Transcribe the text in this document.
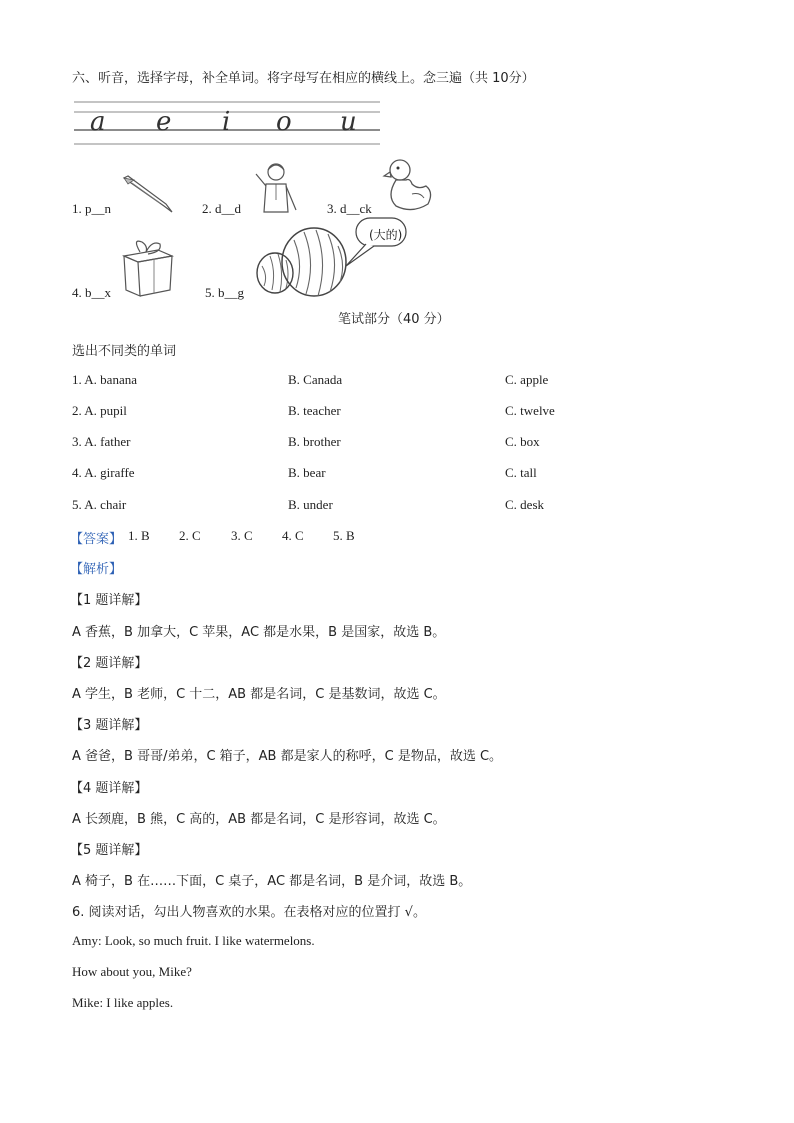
六、听音，选择字母，补全单词。将字母写在相应的横线上。念三遍（共 10分）
a e i o u
1. p__n	2. d__d	3. d__ck
4. b__x	5. b__g
(大的)
笔试部分（40 分）
选出不同类的单词
1. A. banana	B. Canada	C. apple
2. A. pupil	B. teacher	C. twelve
3. A. father	B. brother	C. box
4. A. giraffe	B. bear	C. tall
5. A. chair	B. under	C. desk
【答案】 1. B 2. C 3. C 4. C 5. B
【解析】
【1 题详解】
A 香蕉，B 加拿大，C 苹果，AC 都是水果，B 是国家，故选 B。
【2 题详解】
A 学生，B 老师，C 十二，AB 都是名词，C 是基数词，故选 C。
【3 题详解】
A 爸爸，B 哥哥/弟弟，C 箱子，AB 都是家人的称呼，C 是物品，故选 C。
【4 题详解】
A 长颈鹿，B 熊，C 高的，AB 都是名词，C 是形容词，故选 C。
【5 题详解】
A 椅子，B 在……下面，C 桌子，AC 都是名词，B 是介词，故选 B。
6. 阅读对话，勾出人物喜欢的水果。在表格对应的位置打 √。
Amy: Look, so much fruit. I like watermelons.
How about you, Mike?
Mike: I like apples.
